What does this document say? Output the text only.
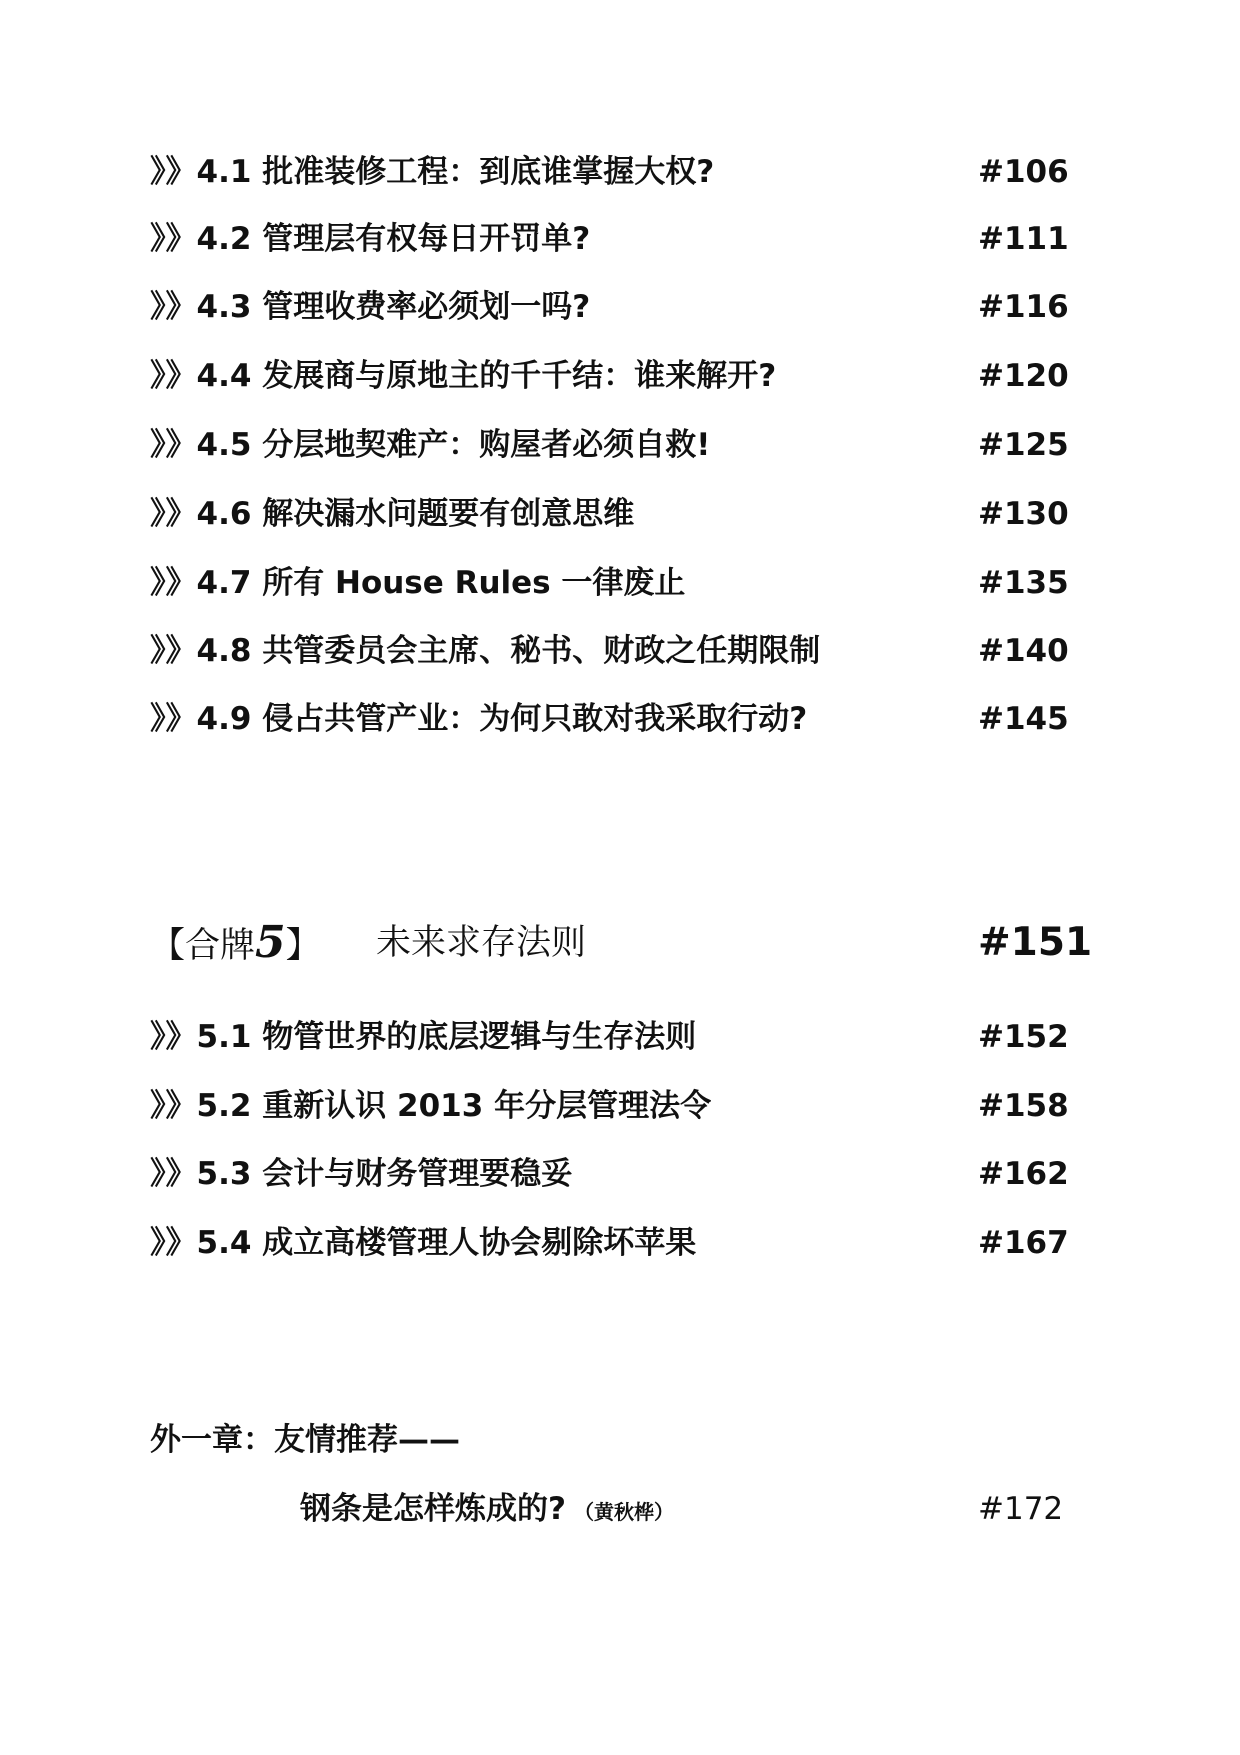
》》4.1 批准装修工程：到底谁掌握大权?	#106
》》4.2 管理层有权每日开罚单?	#111
》》4.3 管理收费率必须划一吗?	#116
》》4.4 发展商与原地主的千千结：谁来解开?	#120
》》4.5 分层地契难产：购屋者必须自救!	#125
》》4.6 解决漏水问题要有创意思维	#130
》》4.7 所有 House Rules 一律废止	#135
》》4.8 共管委员会主席、秘书、财政之任期限制	#140
》》4.9 侵占共管产业：为何只敢对我采取行动?	#145
【合牌5】 未来求存法则	#151
》》5.1 物管世界的底层逻辑与生存法则	#152
》》5.2 重新认识 2013 年分层管理法令	#158
》》5.3 会计与财务管理要稳妥	#162
》》5.4 成立高楼管理人协会剔除坏苹果	#167
外一章：友情推荐——
钢条是怎样炼成的? （黄秋桦）	#172
